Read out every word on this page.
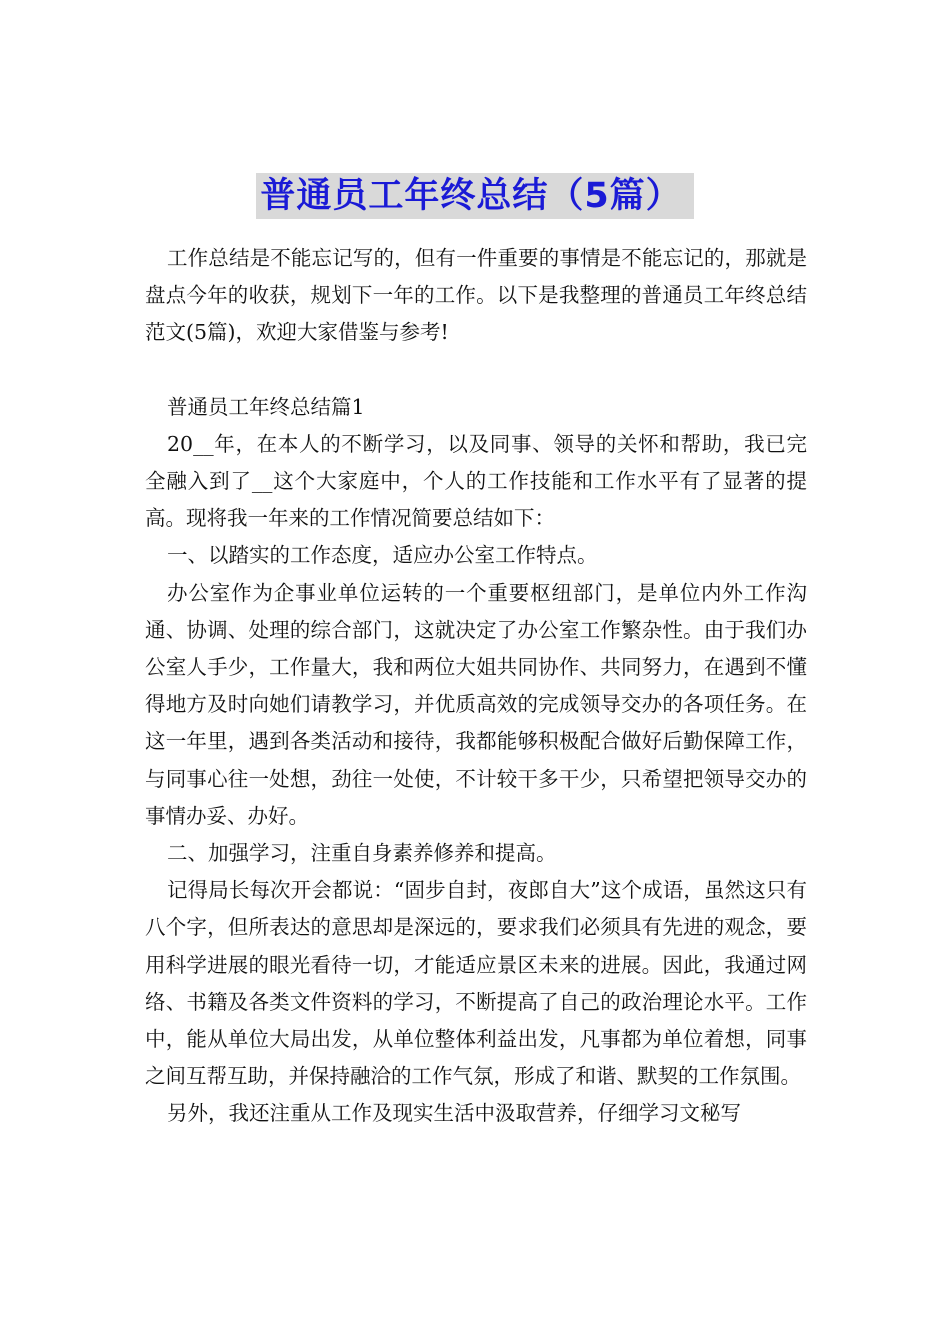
普通员工年终总结（5篇）

工作总结是不能忘记写的，但有一件重要的事情是不能忘记的，那就是盘点今年的收获，规划下一年的工作。以下是我整理的普通员工年终总结范文(5篇)，欢迎大家借鉴与参考!

普通员工年终总结篇1

20__年，在本人的不断学习，以及同事、领导的关怀和帮助，我已完全融入到了__这个大家庭中，个人的工作技能和工作水平有了显著的提高。现将我一年来的工作情况简要总结如下：

一、以踏实的工作态度，适应办公室工作特点。

办公室作为企事业单位运转的一个重要枢纽部门，是单位内外工作沟通、协调、处理的综合部门，这就决定了办公室工作繁杂性。由于我们办公室人手少，工作量大，我和两位大姐共同协作、共同努力，在遇到不懂得地方及时向她们请教学习，并优质高效的完成领导交办的各项任务。在这一年里，遇到各类活动和接待，我都能够积极配合做好后勤保障工作，与同事心往一处想，劲往一处使，不计较干多干少，只希望把领导交办的事情办妥、办好。

二、加强学习，注重自身素养修养和提高。

记得局长每次开会都说：“固步自封，夜郎自大”这个成语，虽然这只有八个字，但所表达的意思却是深远的，要求我们必须具有先进的观念，要用科学进展的眼光看待一切，才能适应景区未来的进展。因此，我通过网络、书籍及各类文件资料的学习，不断提高了自己的政治理论水平。工作中，能从单位大局出发，从单位整体利益出发，凡事都为单位着想，同事之间互帮互助，并保持融洽的工作气氛，形成了和谐、默契的工作氛围。

另外，我还注重从工作及现实生活中汲取营养，仔细学习文秘写
